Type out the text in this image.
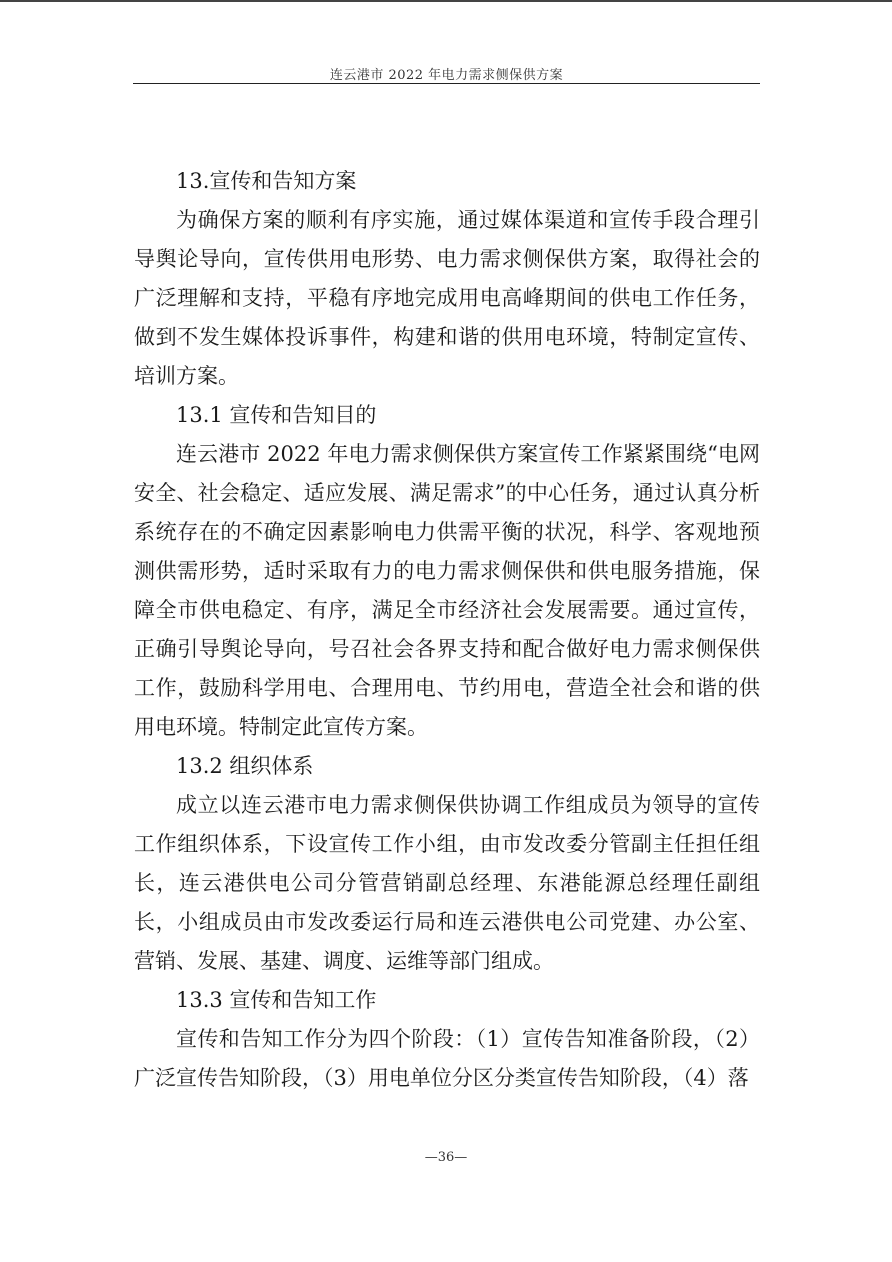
连云港市 2022 年电力需求侧保供方案

13.宣传和告知方案

为确保方案的顺利有序实施，通过媒体渠道和宣传手段合理引导舆论导向，宣传供用电形势、电力需求侧保供方案，取得社会的广泛理解和支持，平稳有序地完成用电高峰期间的供电工作任务，做到不发生媒体投诉事件，构建和谐的供用电环境，特制定宣传、培训方案。

13.1 宣传和告知目的

连云港市 2022 年电力需求侧保供方案宣传工作紧紧围绕“电网安全、社会稳定、适应发展、满足需求”的中心任务，通过认真分析系统存在的不确定因素影响电力供需平衡的状况，科学、客观地预测供需形势，适时采取有力的电力需求侧保供和供电服务措施，保障全市供电稳定、有序，满足全市经济社会发展需要。通过宣传，正确引导舆论导向，号召社会各界支持和配合做好电力需求侧保供工作，鼓励科学用电、合理用电、节约用电，营造全社会和谐的供用电环境。特制定此宣传方案。

13.2 组织体系

成立以连云港市电力需求侧保供协调工作组成员为领导的宣传工作组织体系，下设宣传工作小组，由市发改委分管副主任担任组长，连云港供电公司分管营销副总经理、东港能源总经理任副组长，小组成员由市发改委运行局和连云港供电公司党建、办公室、营销、发展、基建、调度、运维等部门组成。

13.3 宣传和告知工作

宣传和告知工作分为四个阶段：（1）宣传告知准备阶段，（2）广泛宣传告知阶段，（3）用电单位分区分类宣传告知阶段，（4）落

—36—
